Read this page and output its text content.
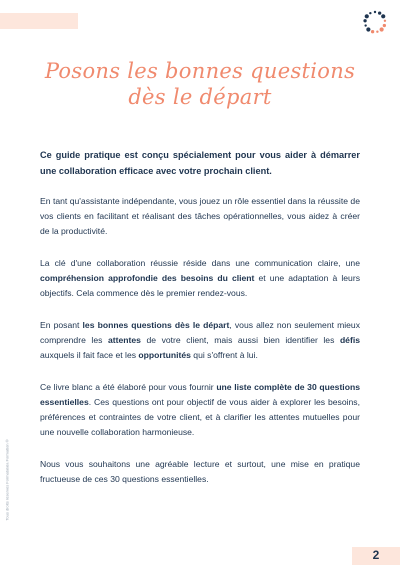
Posons les bonnes questions
dès le départ

Ce guide pratique est conçu spécialement pour vous aider à démarrer une collaboration efficace avec votre prochain client.

En tant qu'assistante indépendante, vous jouez un rôle essentiel dans la réussite de vos clients en facilitant et réalisant des tâches opérationnelles, vous aidez à créer de la productivité.

La clé d'une collaboration réussie réside dans une communication claire, une compréhension approfondie des besoins du client et une adaptation à leurs objectifs. Cela commence dès le premier rendez-vous.

En posant les bonnes questions dès le départ, vous allez non seulement mieux comprendre les attentes de votre client, mais aussi bien identifier les défis auxquels il fait face et les opportunités qui s'offrent à lui.

Ce livre blanc a été élaboré pour vous fournir une liste complète de 30 questions essentielles. Ces questions ont pour objectif de vous aider à explorer les besoins, préférences et contraintes de votre client, et à clarifier les attentes mutuelles pour une nouvelle collaboration harmonieuse.

Nous vous souhaitons une agréable lecture et surtout, une mise en pratique fructueuse de ces 30 questions essentielles.

Tous droits réservés Formatalala Formation ®
2
